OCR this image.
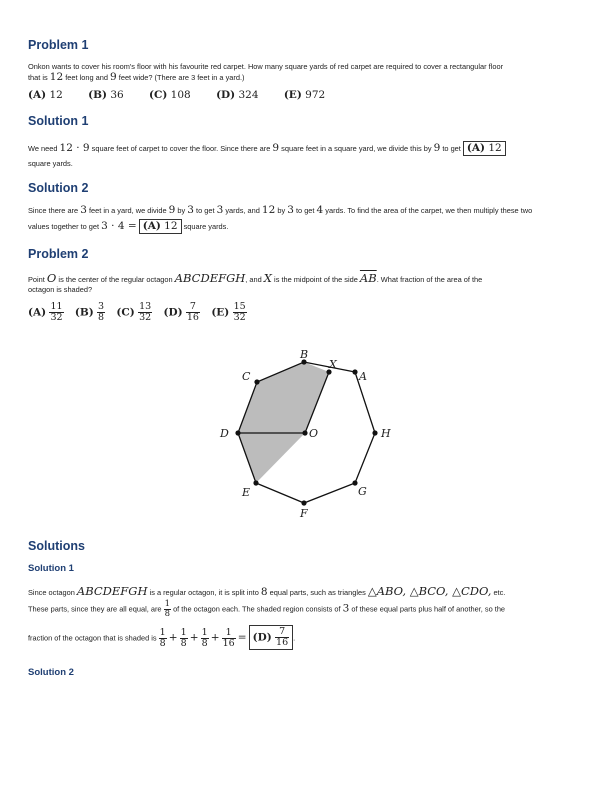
Problem 1
Onkon wants to cover his room's floor with his favourite red carpet. How many square yards of red carpet are required to cover a rectangular floor
that is 12 feet long and 9 feet wide? (There are 3 feet in a yard.)
(A) 12 (B) 36 (C) 108 (D) 324 (E) 972
Solution 1
We need 12 · 9 square feet of carpet to cover the floor. Since there are 9 square feet in a square yard, we divide this by 9 to get (A) 12
square yards.
Solution 2
Since there are 3 feet in a yard, we divide 9 by 3 to get 3 yards, and 12 by 3 to get 4 yards. To find the area of the carpet, we then multiply these two
values together to get 3 · 4 = (A) 12 square yards.
Problem 2
Point O is the center of the regular octagon ABCDEFGH, and X is the midpoint of the side $\overline{AB}$. What fraction of the area of the
octagon is shaded?
$(A) \frac{11}{32} (B) \frac{3}{8} (C) \frac{13}{32} (D) \frac{7}{16} (E) \frac{15}{32}$
A
B
C
D
E
F
G
H
X
O
Solutions
Solution 1
Since octagon ABCDEFGH is a regular octagon, it is split into 8 equal parts, such as triangles △ABO, △BCO, △CDO, etc.
These parts, since they are all equal, are $\frac{1}{8}$ of the octagon each. The shaded region consists of 3 of these equal parts plus half of another, so the
fraction of the octagon that is shaded is $\frac{1}{8} + \frac{1}{8} + \frac{1}{8} + \frac{1}{16} = (D) \frac{7}{16}$ .
Solution 2
